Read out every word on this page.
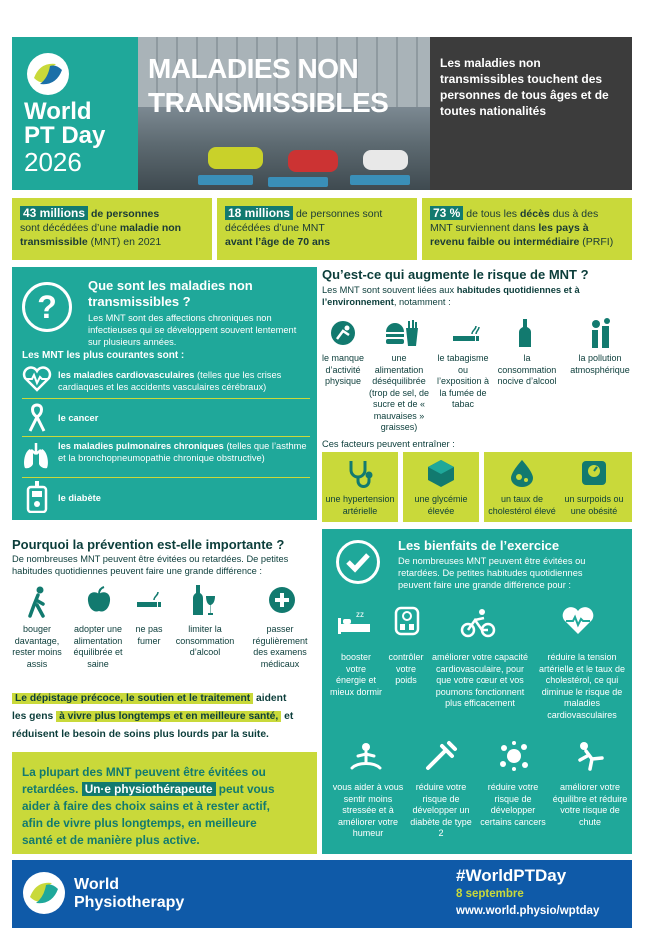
Les maladies non transmissibles touchent des personnes de tous âges et de toutes nationalités
World
PT Day
2026
MALADIES NON
TRANSMISSIBLES
43 millions de personnes
sont décédées d’une maladie non
transmissible (MNT) en 2021
18 millions de personnes sont
décédées d’une MNT
avant l’âge de 70 ans
73 % de tous les décès dus à des
MNT surviennent dans les pays à
revenu faible ou intermédiaire (PRFI)
?
Que sont les maladies non transmissibles ?
Les MNT sont des affections chroniques non infectieuses qui se développent souvent lentement sur plusieurs années.
Les MNT les plus courantes sont :
les maladies cardiovasculaires (telles que les crises cardiaques et les accidents vasculaires cérébraux)
le cancer
les maladies pulmonaires chroniques (telles que l’asthme et la bronchopneumopathie chronique obstructive)
le diabète
Qu’est-ce qui augmente le risque de MNT ?
Les MNT sont souvent liées aux habitudes quotidiennes et à l’environnement, notamment :
le manque d’activité physique
une alimentation déséquilibrée (trop de sel, de sucre et de « mauvaises » graisses)
le tabagisme ou l’exposition à la fumée de tabac
la consommation nocive d’alcool
la pollution atmosphérique
Ces facteurs peuvent entraîner :
une hypertension artérielle
une glycémie élevée
un taux de cholestérol élevé
un surpoids ou une obésité
Pourquoi la prévention est-elle importante ?
De nombreuses MNT peuvent être évitées ou retardées. De petites habitudes quotidiennes peuvent faire une grande différence :
bouger davantage, rester moins assis
adopter une alimentation équilibrée et saine
ne pas fumer
limiter la consommation d’alcool
passer régulièrement des examens médicaux
Le dépistage précoce, le soutien et le traitement aident
les gens à vivre plus longtemps et en meilleure santé, et
réduisent le besoin de soins plus lourds par la suite.
La plupart des MNT peuvent être évitées ou
retardées. Un·e physiothérapeute peut vous
aider à faire des choix sains et à rester actif,
afin de vivre plus longtemps, en meilleure
santé et de manière plus active.
Les bienfaits de l’exercice
De nombreuses MNT peuvent être évitées ou retardées. De petites habitudes quotidiennes peuvent faire une grande différence pour :
zz
booster votre énergie et mieux dormir
contrôler votre poids
améliorer votre capacité cardiovasculaire, pour que votre cœur et vos poumons fonctionnent plus efficacement
réduire la tension artérielle et le taux de cholestérol, ce qui diminue le risque de maladies cardiovasculaires
vous aider à vous sentir moins stressée et à améliorer votre humeur
réduire votre risque de développer un diabète de type 2
réduire votre risque de développer certains cancers
améliorer votre équilibre et réduire votre risque de chute
World
Physiotherapy
#WorldPTDay
8 septembre
www.world.physio/wptday
